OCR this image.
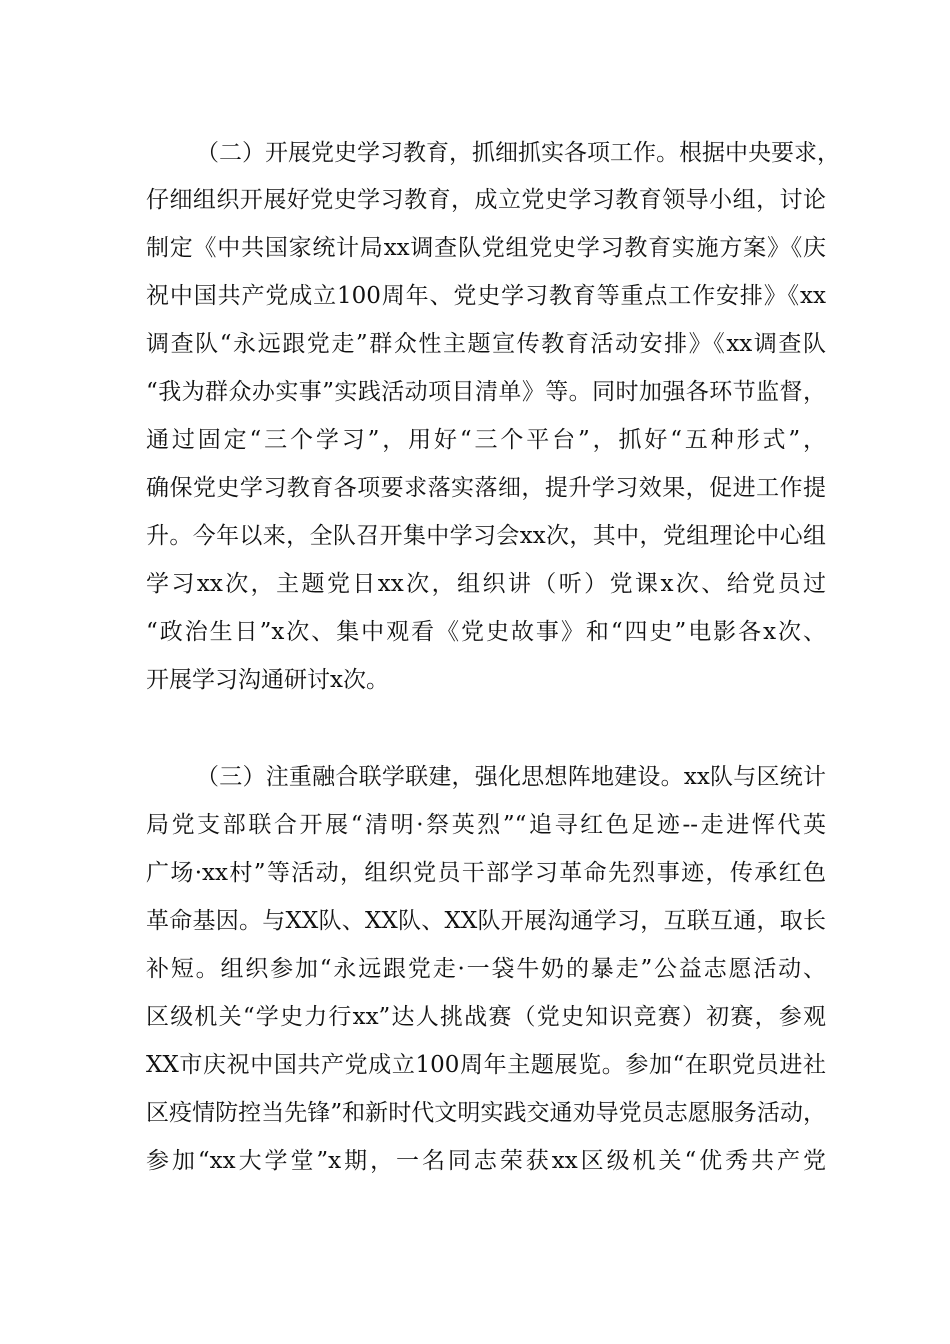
（二）开展党史学习教育，抓细抓实各项工作。根据中央要求，
仔细组织开展好党史学习教育，成立党史学习教育领导小组，讨论
制定《中共国家统计局xx调查队党组党史学习教育实施方案》《庆
祝中国共产党成立100周年、党史学习教育等重点工作安排》《xx
调查队“永远跟党走”群众性主题宣传教育活动安排》《xx调查队
“我为群众办实事”实践活动项目清单》等。同时加强各环节监督，
通过固定“三个学习”，用好“三个平台”，抓好“五种形式”，
确保党史学习教育各项要求落实落细，提升学习效果，促进工作提
升。今年以来，全队召开集中学习会xx次，其中，党组理论中心组
学习xx次，主题党日xx次，组织讲（听）党课x次、给党员过
“政治生日”x次、集中观看《党史故事》和“四史”电影各x次、
开展学习沟通研讨x次。
（三）注重融合联学联建，强化思想阵地建设。xx队与区统计
局党支部联合开展“清明·祭英烈”“追寻红色足迹--走进恽代英
广场·xx村”等活动，组织党员干部学习革命先烈事迹，传承红色
革命基因。与XX队、XX队、XX队开展沟通学习，互联互通，取长
补短。组织参加“永远跟党走·一袋牛奶的暴走”公益志愿活动、
区级机关“学史力行xx”达人挑战赛（党史知识竞赛）初赛，参观
XX市庆祝中国共产党成立100周年主题展览。参加“在职党员进社
区疫情防控当先锋”和新时代文明实践交通劝导党员志愿服务活动，
参加“xx大学堂”x期，一名同志荣获xx区级机关“优秀共产党
